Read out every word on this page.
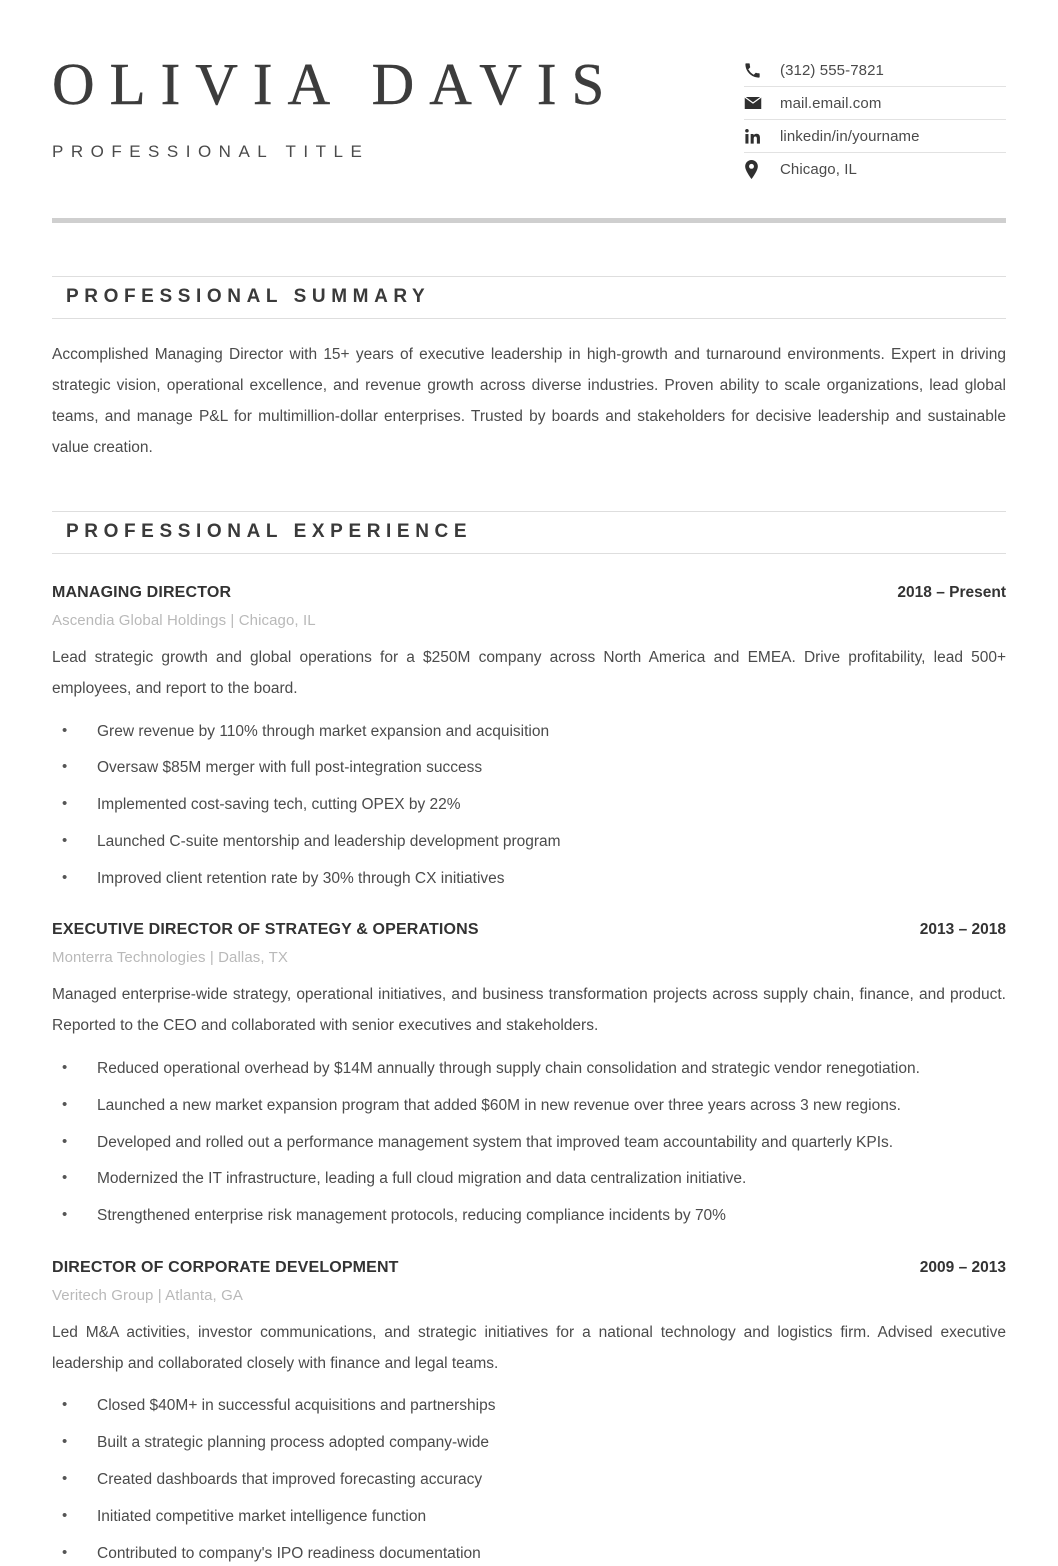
OLIVIA DAVIS
PROFESSIONAL TITLE
(312) 555-7821
mail.email.com
linkedin/in/yourname
Chicago, IL
PROFESSIONAL SUMMARY

Accomplished Managing Director with 15+ years of executive leadership in high-growth and turnaround environments. Expert in driving strategic vision, operational excellence, and revenue growth across diverse industries. Proven ability to scale organizations, lead global teams, and manage P&L for multimillion-dollar enterprises. Trusted by boards and stakeholders for decisive leadership and sustainable value creation.

PROFESSIONAL EXPERIENCE
MANAGING DIRECTOR	2018 – Present
Ascendia Global Holdings | Chicago, IL

Lead strategic growth and global operations for a $250M company across North America and EMEA. Drive profitability, lead 500+ employees, and report to the board.

• Grew revenue by 110% through market expansion and acquisition
• Oversaw $85M merger with full post-integration success
• Implemented cost-saving tech, cutting OPEX by 22%
• Launched C-suite mentorship and leadership development program
• Improved client retention rate by 30% through CX initiatives
EXECUTIVE DIRECTOR OF STRATEGY & OPERATIONS	2013 – 2018
Monterra Technologies | Dallas, TX

Managed enterprise-wide strategy, operational initiatives, and business transformation projects across supply chain, finance, and product. Reported to the CEO and collaborated with senior executives and stakeholders.

• Reduced operational overhead by $14M annually through supply chain consolidation and strategic vendor renegotiation.
• Launched a new market expansion program that added $60M in new revenue over three years across 3 new regions.
• Developed and rolled out a performance management system that improved team accountability and quarterly KPIs.
• Modernized the IT infrastructure, leading a full cloud migration and data centralization initiative.
• Strengthened enterprise risk management protocols, reducing compliance incidents by 70%
DIRECTOR OF CORPORATE DEVELOPMENT	2009 – 2013
Veritech Group | Atlanta, GA

Led M&A activities, investor communications, and strategic initiatives for a national technology and logistics firm. Advised executive leadership and collaborated closely with finance and legal teams.

• Closed $40M+ in successful acquisitions and partnerships
• Built a strategic planning process adopted company-wide
• Created dashboards that improved forecasting accuracy
• Initiated competitive market intelligence function
• Contributed to company's IPO readiness documentation
